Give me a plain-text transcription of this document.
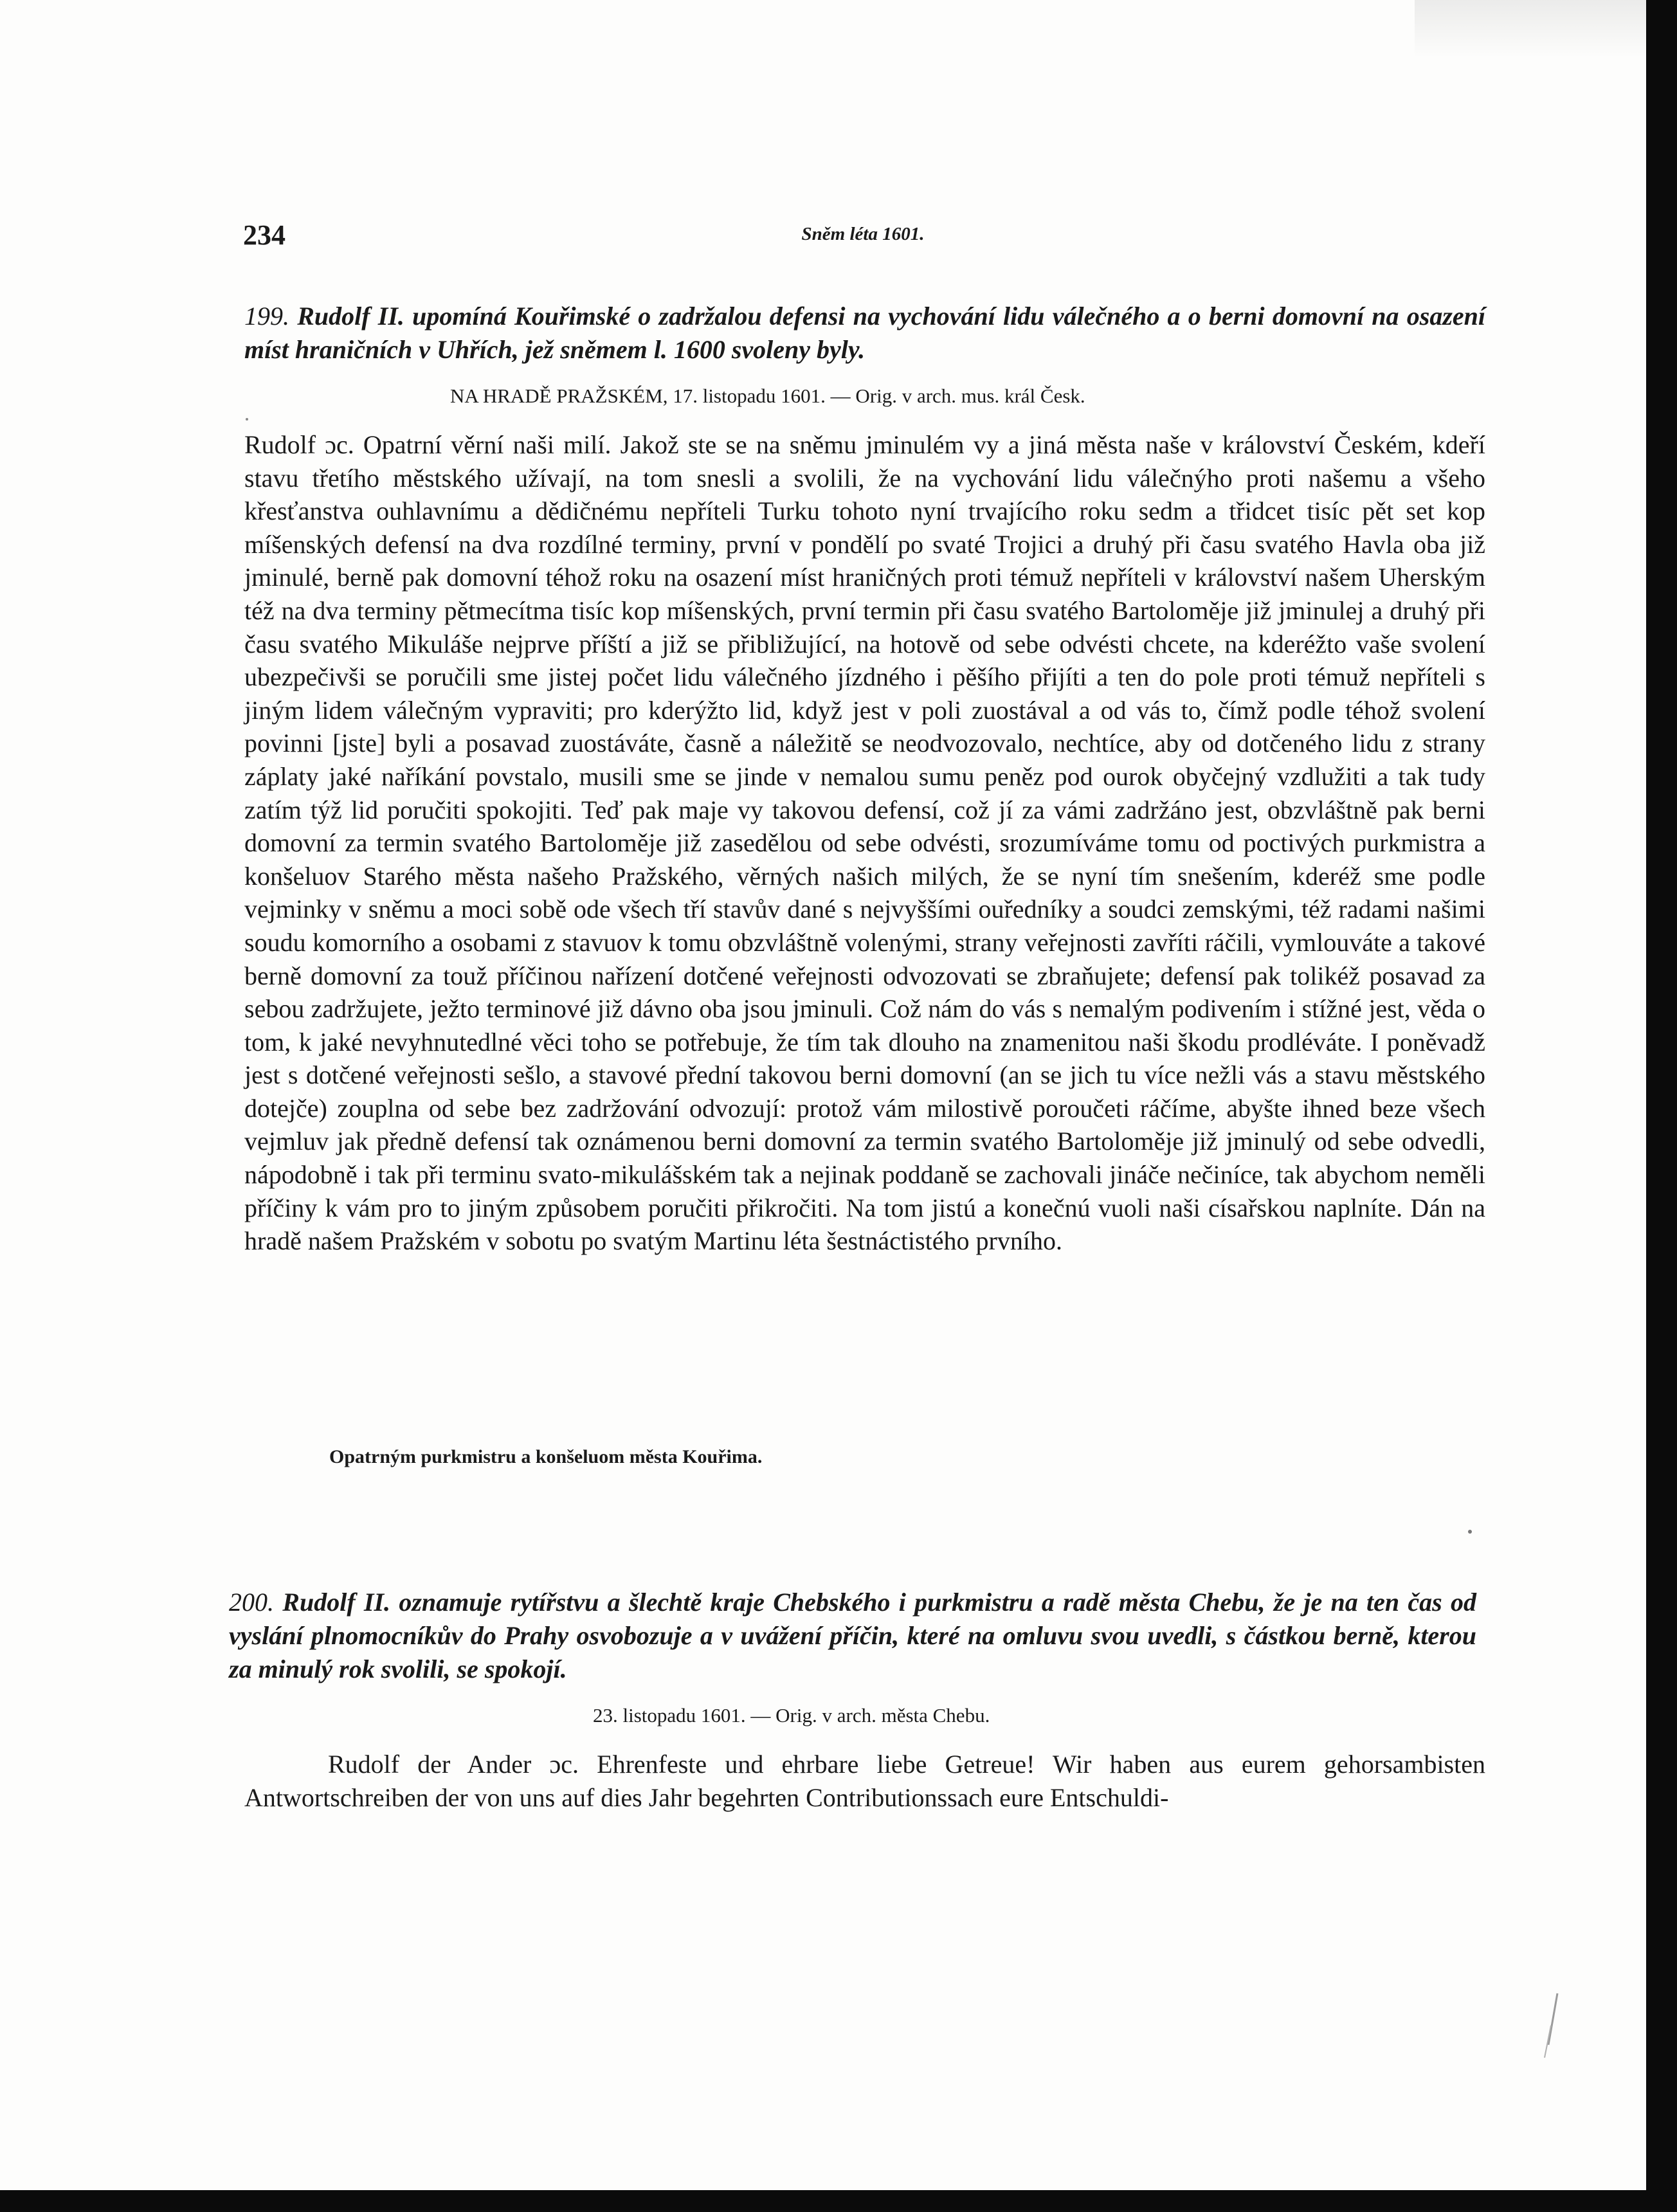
234	Sněm léta 1601.
199. Rudolf II. upomíná Kouřimské o zadržalou defensi na vychování lidu válečného a o berni domovní na osazení míst hraničních v Uhřích, jež sněmem l. 1600 svoleny byly.
NA HRADĚ PRAŽSKÉM, 17. listopadu 1601. — Orig. v arch. mus. král Česk.

Rudolf ɔc. Opatrní věrní naši milí. Jakož ste se na sněmu jminulém vy a jiná města naše v království Českém, kdeří stavu třetího městského užívají, na tom snesli a svolili, že na vychování lidu válečnýho proti našemu a všeho křesťanstva ouhlavnímu a dědičnému nepříteli Turku tohoto nyní trvajícího roku sedm a třidcet tisíc pět set kop míšenských defensí na dva rozdílné terminy, první v pondělí po svaté Trojici a druhý při času svatého Havla oba již jminulé, berně pak domovní téhož roku na osazení míst hraničných proti témuž nepříteli v království našem Uherským též na dva terminy pětmecítma tisíc kop míšenských, první termin při času svatého Bartoloměje již jminulej a druhý při času svatého Mikuláše nejprve příští a již se přibližující, na hotově od sebe odvésti chcete, na kderéžto vaše svolení ubezpečivši se poručili sme jistej počet lidu válečného jízdného i pěšího přijíti a ten do pole proti témuž nepříteli s jiným lidem válečným vypraviti; pro kderýžto lid, když jest v poli zuostával a od vás to, čímž podle téhož svolení povinni [jste] byli a posavad zuostáváte, časně a náležitě se neodvozovalo, nechtíce, aby od dotčeného lidu z strany záplaty jaké naříkání povstalo, musili sme se jinde v nemalou sumu peněz pod ourok obyčejný vzdlužiti a tak tudy zatím týž lid poručiti spokojiti. Teď pak maje vy takovou defensí, což jí za vámi zadržáno jest, obzvláštně pak berni domovní za termin svatého Bartoloměje již zasedělou od sebe odvésti, srozumíváme tomu od poctivých purkmistra a konšeluov Starého města našeho Pražského, věrných našich milých, že se nyní tím snešením, kderéž sme podle vejminky v sněmu a moci sobě ode všech tří stavův dané s nejvyššími ouředníky a soudci zemskými, též radami našimi soudu komorního a osobami z stavuov k tomu obzvláštně volenými, strany veřejnosti zavříti ráčili, vymlouváte a takové berně domovní za touž příčinou nařízení dotčené veřejnosti odvozovati se zbraňujete; defensí pak tolikéž posavad za sebou zadržujete, ježto terminové již dávno oba jsou jminuli. Což nám do vás s nemalým podivením i stížné jest, věda o tom, k jaké nevyhnutedlné věci toho se potřebuje, že tím tak dlouho na znamenitou naši škodu prodléváte. I poněvadž jest s dotčené veřejnosti sešlo, a stavové přední takovou berni domovní (an se jich tu více nežli vás a stavu městského dotejče) zouplna od sebe bez zadržování odvozují: protož vám milostivě poroučeti ráčíme, abyšte ihned beze všech vejmluv jak předně defensí tak oznámenou berni domovní za termin svatého Bartoloměje již jminulý od sebe odvedli, nápodobně i tak při terminu svato-mikulášském tak a nejinak poddaně se zachovali jináče nečiníce, tak abychom neměli příčiny k vám pro to jiným způsobem poručiti přikročiti. Na tom jistú a konečnú vuoli naši císařskou naplníte. Dán na hradě našem Pražském v sobotu po svatým Martinu léta šestnáctistého prvního.

Opatrným purkmistru a konšeluom města Kouřima.
200. Rudolf II. oznamuje rytířstvu a šlechtě kraje Chebského i purkmistru a radě města Chebu, že je na ten čas od vyslání plnomocníkův do Prahy osvobozuje a v uvážení příčin, které na omluvu svou uvedli, s částkou berně, kterou za minulý rok svolili, se spokojí.
23. listopadu 1601. — Orig. v arch. města Chebu.

Rudolf der Ander ɔc. Ehrenfeste und ehrbare liebe Getreue! Wir haben aus eurem gehorsambisten Antwortschreiben der von uns auf dies Jahr begehrten Contributionssach eure Entschuldi-
